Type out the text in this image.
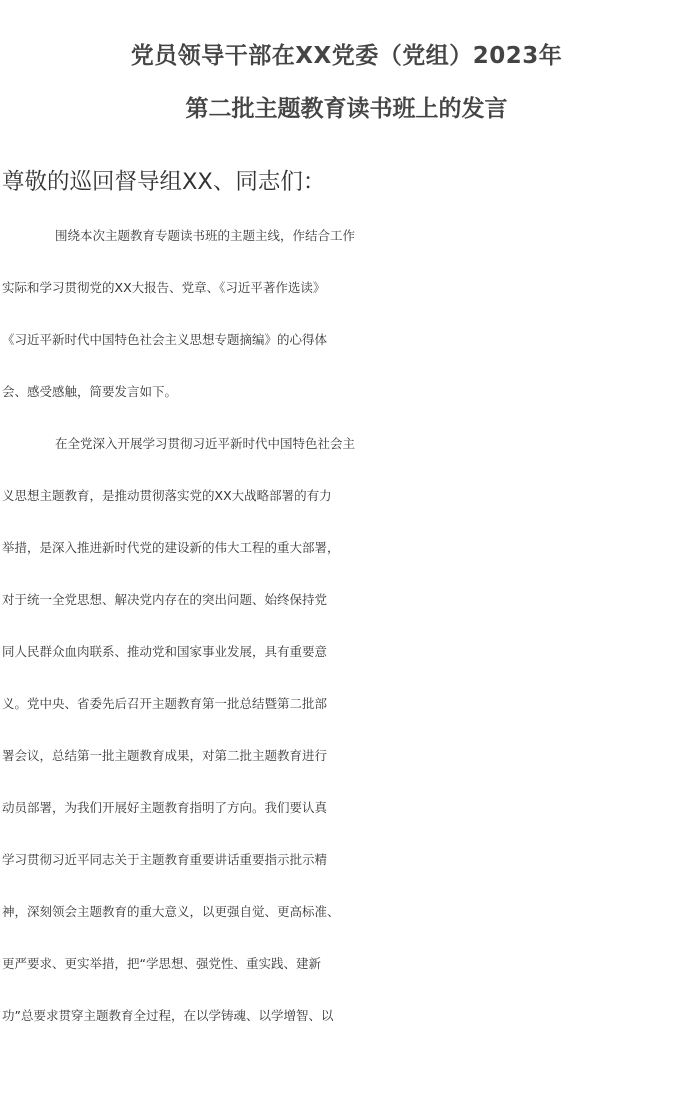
党员领导干部在XX党委（党组）2023年
第二批主题教育读书班上的发言

尊敬的巡回督导组XX、同志们：

围绕本次主题教育专题读书班的主题主线，作结合工作
实际和学习贯彻党的XX大报告、党章、《习近平著作选读》
《习近平新时代中国特色社会主义思想专题摘编》的心得体
会、感受感触，简要发言如下。
在全党深入开展学习贯彻习近平新时代中国特色社会主
义思想主题教育，是推动贯彻落实党的XX大战略部署的有力
举措，是深入推进新时代党的建设新的伟大工程的重大部署，
对于统一全党思想、解决党内存在的突出问题、始终保持党
同人民群众血肉联系、推动党和国家事业发展，具有重要意
义。党中央、省委先后召开主题教育第一批总结暨第二批部
署会议，总结第一批主题教育成果，对第二批主题教育进行
动员部署，为我们开展好主题教育指明了方向。我们要认真
学习贯彻习近平同志关于主题教育重要讲话重要指示批示精
神，深刻领会主题教育的重大意义，以更强自觉、更高标准、
更严要求、更实举措，把“学思想、强党性、重实践、建新
功”总要求贯穿主题教育全过程，在以学铸魂、以学增智、以
